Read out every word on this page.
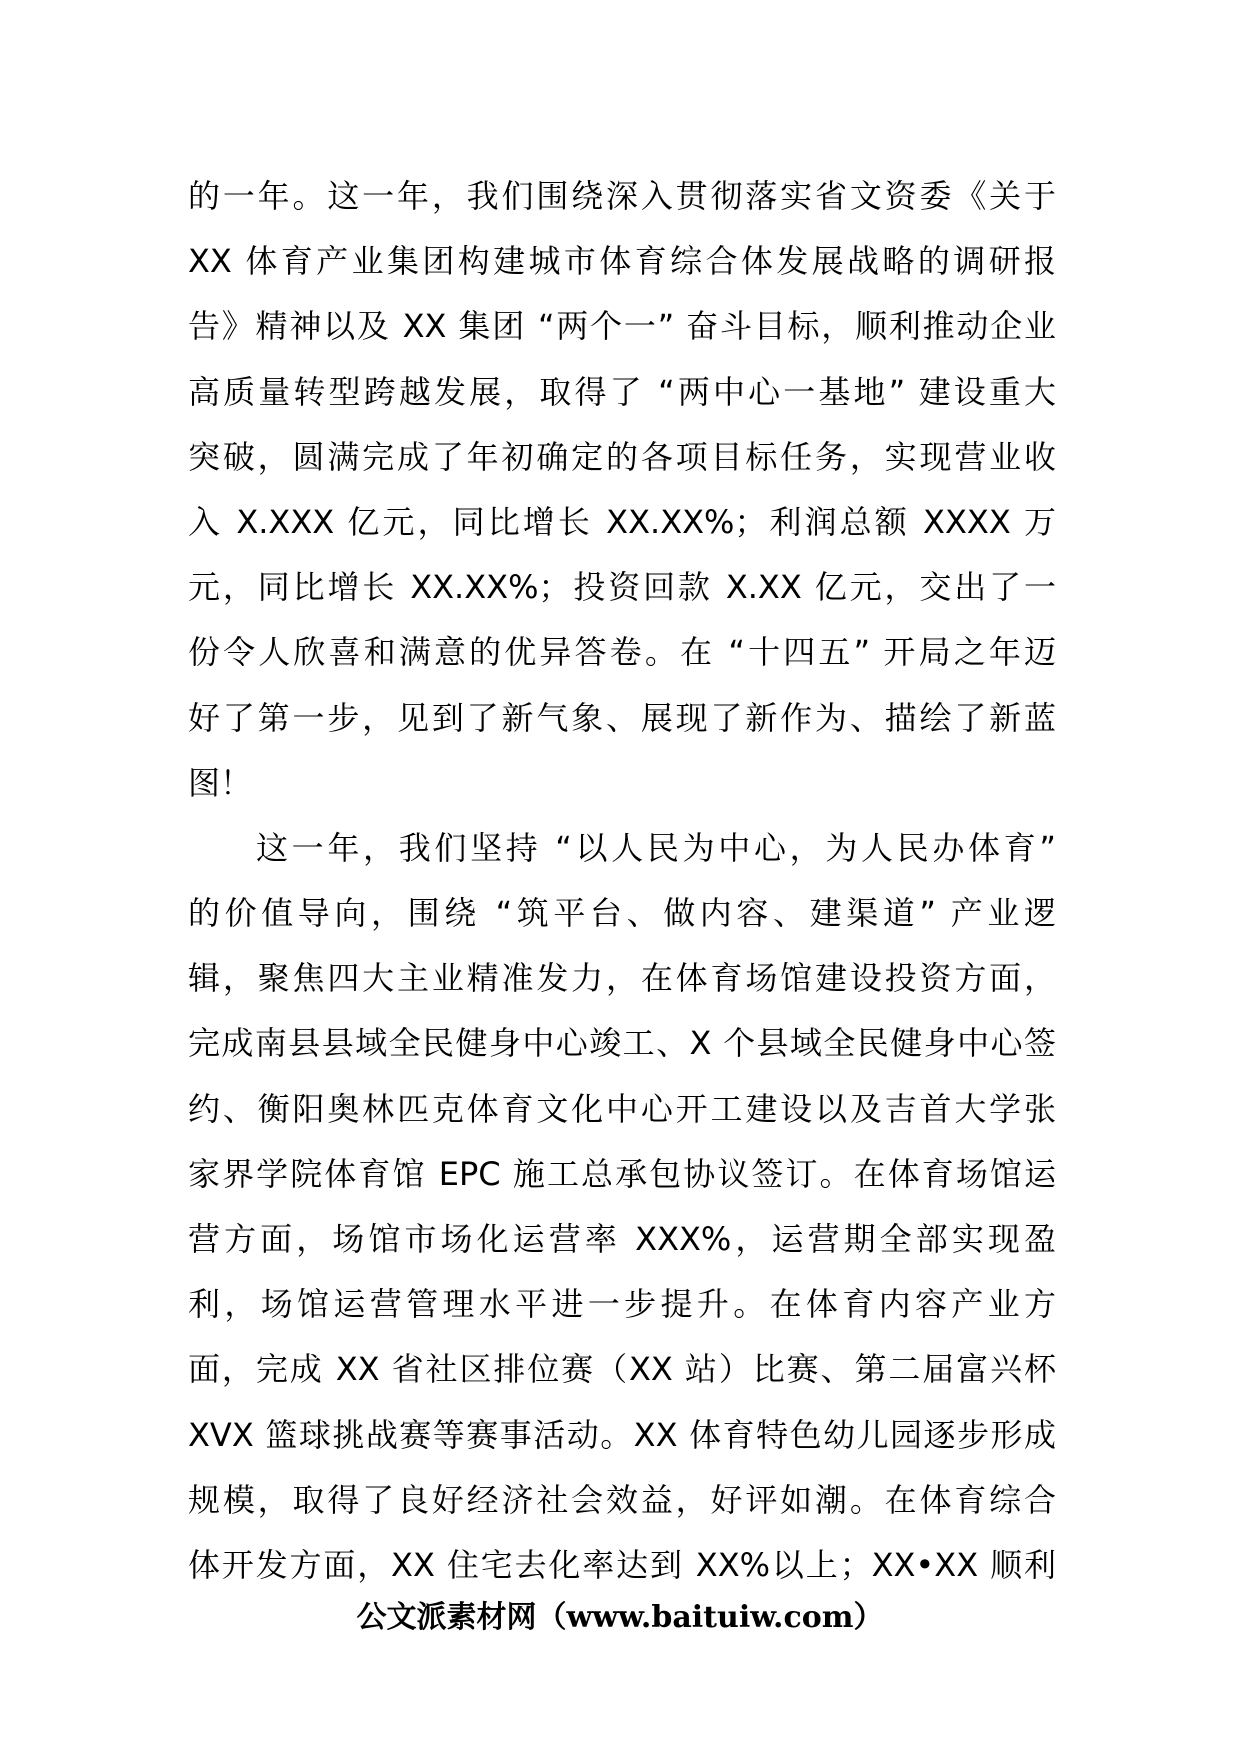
的一年。这一年，我们围绕深入贯彻落实省文资委《关于
XX 体育产业集团构建城市体育综合体发展战略的调研报
告》精神以及 XX 集团 “两个一” 奋斗目标，顺利推动企业
高质量转型跨越发展，取得了 “两中心一基地” 建设重大
突破，圆满完成了年初确定的各项目标任务，实现营业收
入 X.XXX 亿元，同比增长 XX.XX%；利润总额 XXXX 万
元，同比增长 XX.XX%；投资回款 X.XX 亿元，交出了一
份令人欣喜和满意的优异答卷。在 “十四五” 开局之年迈
好了第一步，见到了新气象、展现了新作为、描绘了新蓝
图！
这一年，我们坚持 “以人民为中心，为人民办体育”
的价值导向，围绕 “筑平台、做内容、建渠道” 产业逻
辑，聚焦四大主业精准发力，在体育场馆建设投资方面，
完成南县县域全民健身中心竣工、X 个县域全民健身中心签
约、衡阳奥林匹克体育文化中心开工建设以及吉首大学张
家界学院体育馆 EPC 施工总承包协议签订。在体育场馆运
营方面，场馆市场化运营率 XXX%，运营期全部实现盈
利，场馆运营管理水平进一步提升。在体育内容产业方
面，完成 XX 省社区排位赛（XX 站）比赛、第二届富兴杯
XVX 篮球挑战赛等赛事活动。XX 体育特色幼儿园逐步形成
规模，取得了良好经济社会效益，好评如潮。在体育综合
体开发方面，XX 住宅去化率达到 XX%以上；XX•XX 顺利
公文派素材网（www.baituiw.com）
